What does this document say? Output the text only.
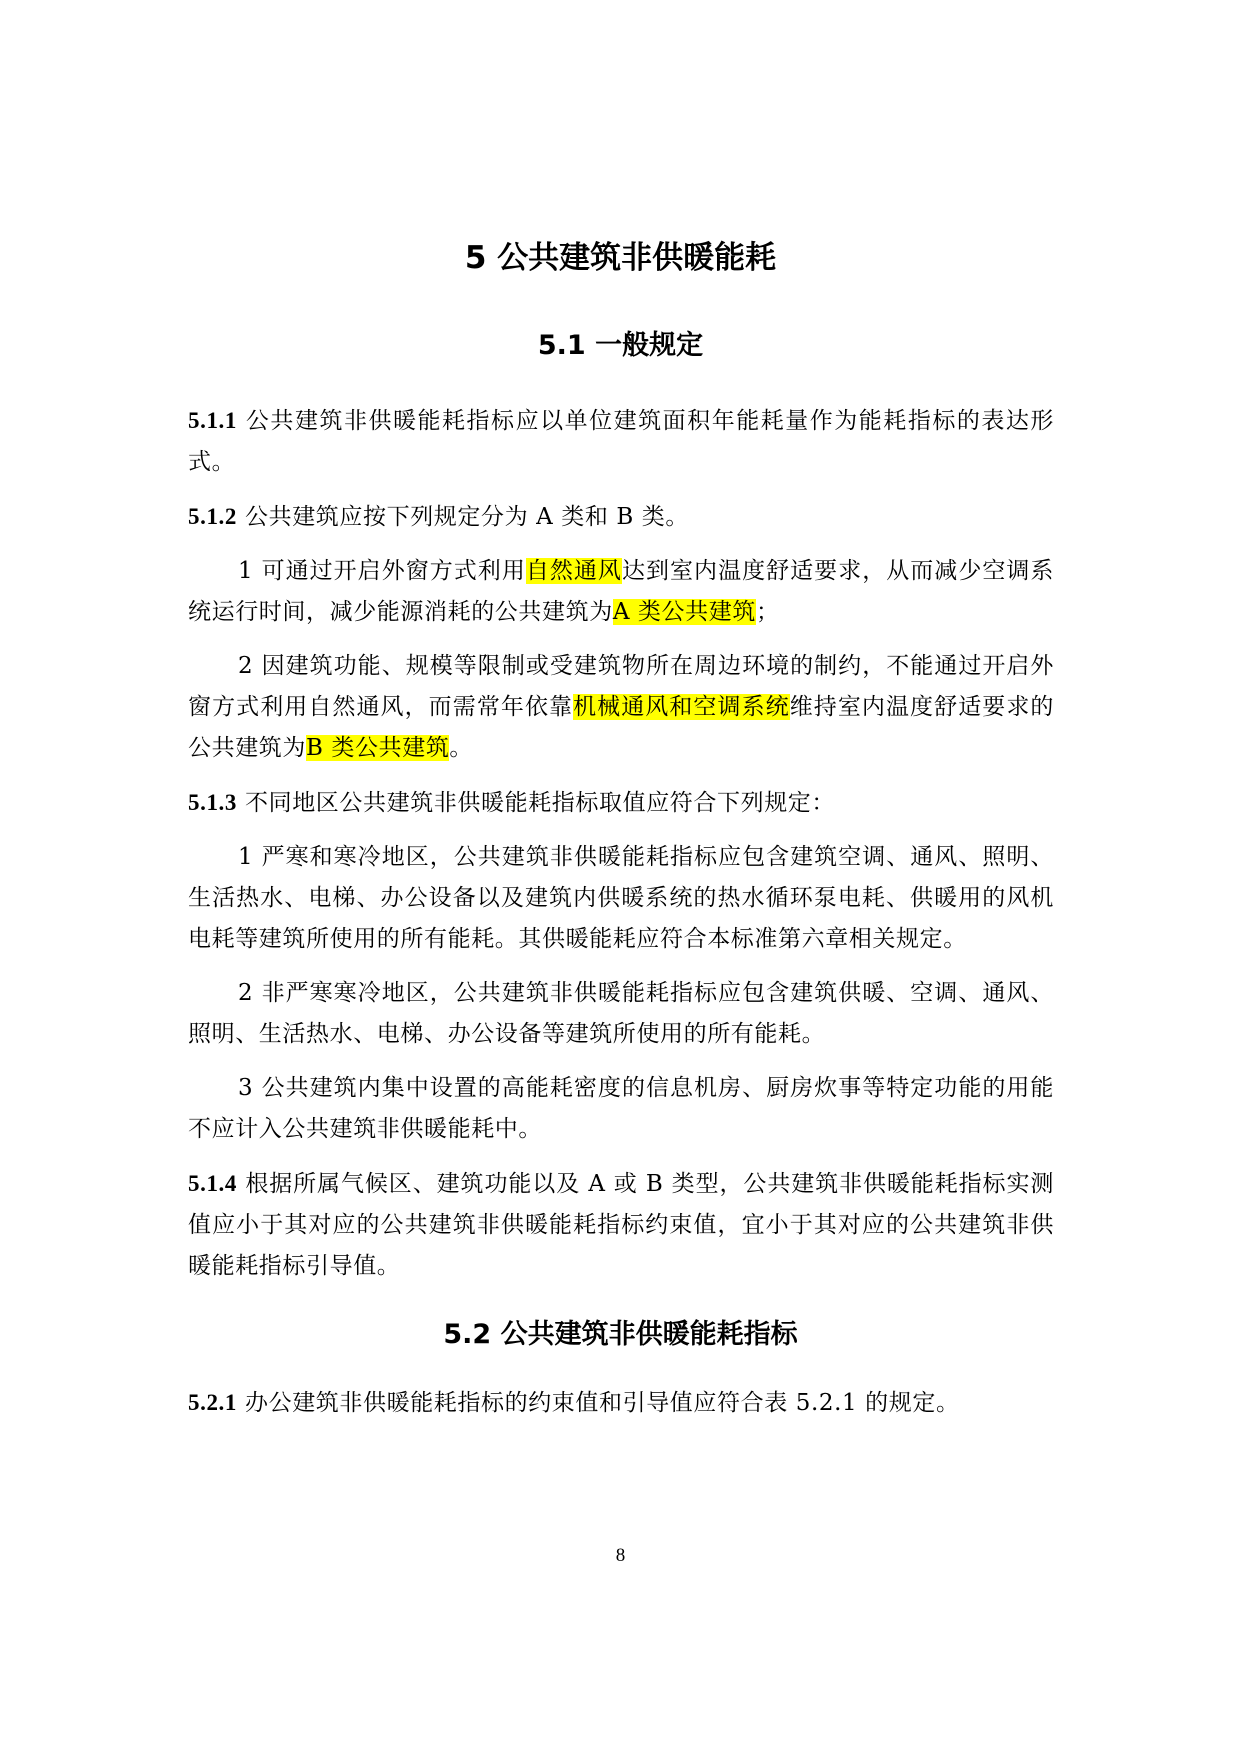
5 公共建筑非供暖能耗
5.1 一般规定

5.1.1 公共建筑非供暖能耗指标应以单位建筑面积年能耗量作为能耗指标的表达形式。

5.1.2 公共建筑应按下列规定分为 A 类和 B 类。

1 可通过开启外窗方式利用自然通风达到室内温度舒适要求，从而减少空调系统运行时间，减少能源消耗的公共建筑为A 类公共建筑；

2 因建筑功能、规模等限制或受建筑物所在周边环境的制约，不能通过开启外窗方式利用自然通风，而需常年依靠机械通风和空调系统维持室内温度舒适要求的公共建筑为B 类公共建筑。

5.1.3 不同地区公共建筑非供暖能耗指标取值应符合下列规定：

1 严寒和寒冷地区，公共建筑非供暖能耗指标应包含建筑空调、通风、照明、生活热水、电梯、办公设备以及建筑内供暖系统的热水循环泵电耗、供暖用的风机电耗等建筑所使用的所有能耗。其供暖能耗应符合本标准第六章相关规定。

2 非严寒寒冷地区，公共建筑非供暖能耗指标应包含建筑供暖、空调、通风、照明、生活热水、电梯、办公设备等建筑所使用的所有能耗。

3 公共建筑内集中设置的高能耗密度的信息机房、厨房炊事等特定功能的用能不应计入公共建筑非供暖能耗中。

5.1.4 根据所属气候区、建筑功能以及 A 或 B 类型，公共建筑非供暖能耗指标实测值应小于其对应的公共建筑非供暖能耗指标约束值，宜小于其对应的公共建筑非供暖能耗指标引导值。

5.2 公共建筑非供暖能耗指标

5.2.1 办公建筑非供暖能耗指标的约束值和引导值应符合表 5.2.1 的规定。

8
